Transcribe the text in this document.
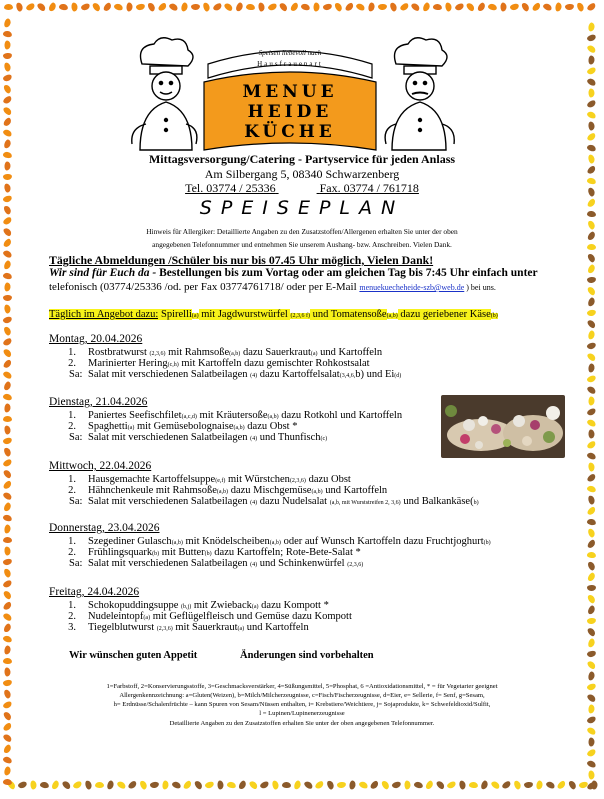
Speisen liebevoll nach
Hausfrauenart
MENUE
HEIDE
KÜCHE
Mittagsversorgung/Catering - Partyservice für jeden Anlass
Am Silbergang 5, 08340 Schwarzenberg
Tel. 03774 / 25336	Fax. 03774 / 761718
SPEISEPLAN
Hinweis für Allergiker: Detaillierte Angaben zu den Zusatzstoffen/Allergenen erhalten Sie unter der oben
angegebenen Telefonnummer und entnehmen Sie unserem Aushang- bzw. Anschreiben. Vielen Dank.
Tägliche Abmeldungen /Schüler bis nur bis 07.45 Uhr möglich, Vielen Dank!
Wir sind für Euch da - Bestellungen bis zum Vortag oder am gleichen Tag bis 7:45 Uhr einfach unter
telefonisch (03774/25336 /od. per Fax 03774761718/ oder per E-Mail menuekuecheheide-szb@web.de ) bei uns.
Täglich im Angebot dazu: Spirelli(a) mit Jagdwurstwürfel (2,3,6 f) und Tomatensoße(a,b) dazu geriebener Käse(b)
Montag, 20.04.2026
1. Rostbratwurst (2,3,6) mit Rahmsoße(a,b) dazu Sauerkraut(a) und Kartoffeln
2. Marinierter Hering(c,h) mit Kartoffeln dazu gemischter Rohkostsalat
Sa: Salat mit verschiedenen Salatbeilagen (4) dazu Kartoffelsalat(3,4,6,b) und Ei(d)
Dienstag, 21.04.2026
1. Paniertes Seefischfilet(a,c,d) mit Kräutersoße(a,b) dazu Rotkohl und Kartoffeln
2. Spaghetti(a) mit Gemüsebolognaise(a,b) dazu Obst *
Sa: Salat mit verschiedenen Salatbeilagen (4) und Thunfisch(c)
Mittwoch, 22.04.2026
1. Hausgemachte Kartoffelsuppe(e,f) mit Würstchen(2,3,6) dazu Obst
2. Hähnchenkeule mit Rahmsoße(a,b) dazu Mischgemüse(a,b) und Kartoffeln
Sa: Salat mit verschiedenen Salatbeilagen (4) dazu Nudelsalat (a,b, mit Wurststreifen 2, 3,6) und Balkankäse(b)
Donnerstag, 23.04.2026
1. Szegediner Gulasch(a,b) mit Knödelscheiben(a,b) oder auf Wunsch Kartoffeln dazu Fruchtjoghurt(b)
2. Frühlingsquark(b) mit Butter(b) dazu Kartoffeln; Rote-Bete-Salat *
Sa: Salat mit verschiedenen Salatbeilagen (4) und Schinkenwürfel (2,3,6)
Freitag, 24.04.2026
1. Schokopuddingsuppe (b,j) mit Zwieback(a) dazu Kompott *
2. Nudeleintopf(a) mit Geflügelfleisch und Gemüse dazu Kompott
3. Tiegelblutwurst (2,3,6) mit Sauerkraut(a) und Kartoffeln
Wir wünschen guten Appetit	Änderungen sind vorbehalten
1=Farbstoff, 2=Konservierungsstoffe, 3=Geschmacksverstärker, 4=Süßungsmittel, 5=Phosphat, 6 =Antioxidationsmittel, * = für Vegetarier geeignet
Allergenkennzeichnung: a=Gluten(Weizen), b=Milch/Milcherzeugnisse, c=Fisch/Fischerzeugnisse, d=Eier, e= Sellerie, f= Senf, g=Sesam,
h= Erdnüsse/Schalenfrüchte – kann Spuren von Sesam/Nüssen enthalten, i= Krebstiere/Weichtiere, j= Sojaprodukte, k= Schwefeldioxid/Sulfit,
l = Lupinen/Lupinenerzeugnisse
Detaillierte Angaben zu den Zusatzstoffen erhalten Sie unter der oben angegebenen Telefonnummer.
